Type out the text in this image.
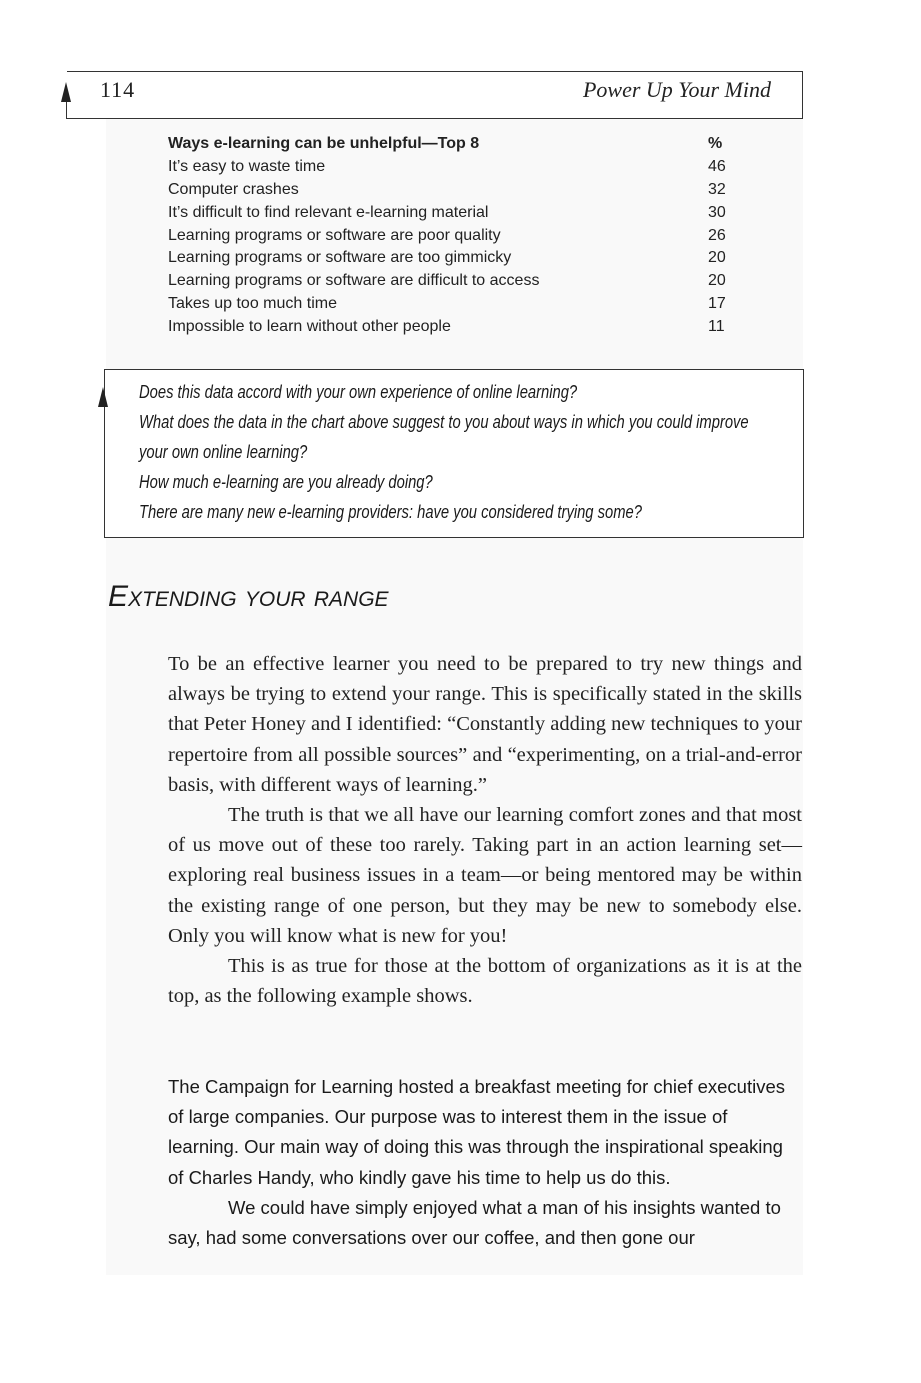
114	Power Up Your Mind
Ways e-learning can be unhelpful—Top 8	%
It’s easy to waste time	46
Computer crashes	32
It’s difficult to find relevant e-learning material	30
Learning programs or software are poor quality	26
Learning programs or software are too gimmicky	20
Learning programs or software are difficult to access	20
Takes up too much time	17
Impossible to learn without other people	11
Does this data accord with your own experience of online learning?
What does the data in the chart above suggest to you about ways in which you could improve
your own online learning?
How much e-learning are you already doing?
There are many new e-learning providers: have you considered trying some?
Extending your range

To be an effective learner you need to be prepared to try new things and always be trying to extend your range. This is specifically stated in the skills that Peter Honey and I identified: “Constantly adding new techniques to your repertoire from all possible sources” and “experimenting, on a trial-and-error basis, with different ways of learning.”

The truth is that we all have our learning comfort zones and that most of us move out of these too rarely. Taking part in an action learning set—exploring real business issues in a team—or being mentored may be within the existing range of one person, but they may be new to somebody else. Only you will know what is new for you!

This is as true for those at the bottom of organizations as it is at the top, as the following example shows.

The Campaign for Learning hosted a breakfast meeting for chief executives of large companies. Our purpose was to interest them in the issue of learning. Our main way of doing this was through the inspirational speaking of Charles Handy, who kindly gave his time to help us do this.

We could have simply enjoyed what a man of his insights wanted to say, had some conversations over our coffee, and then gone our
